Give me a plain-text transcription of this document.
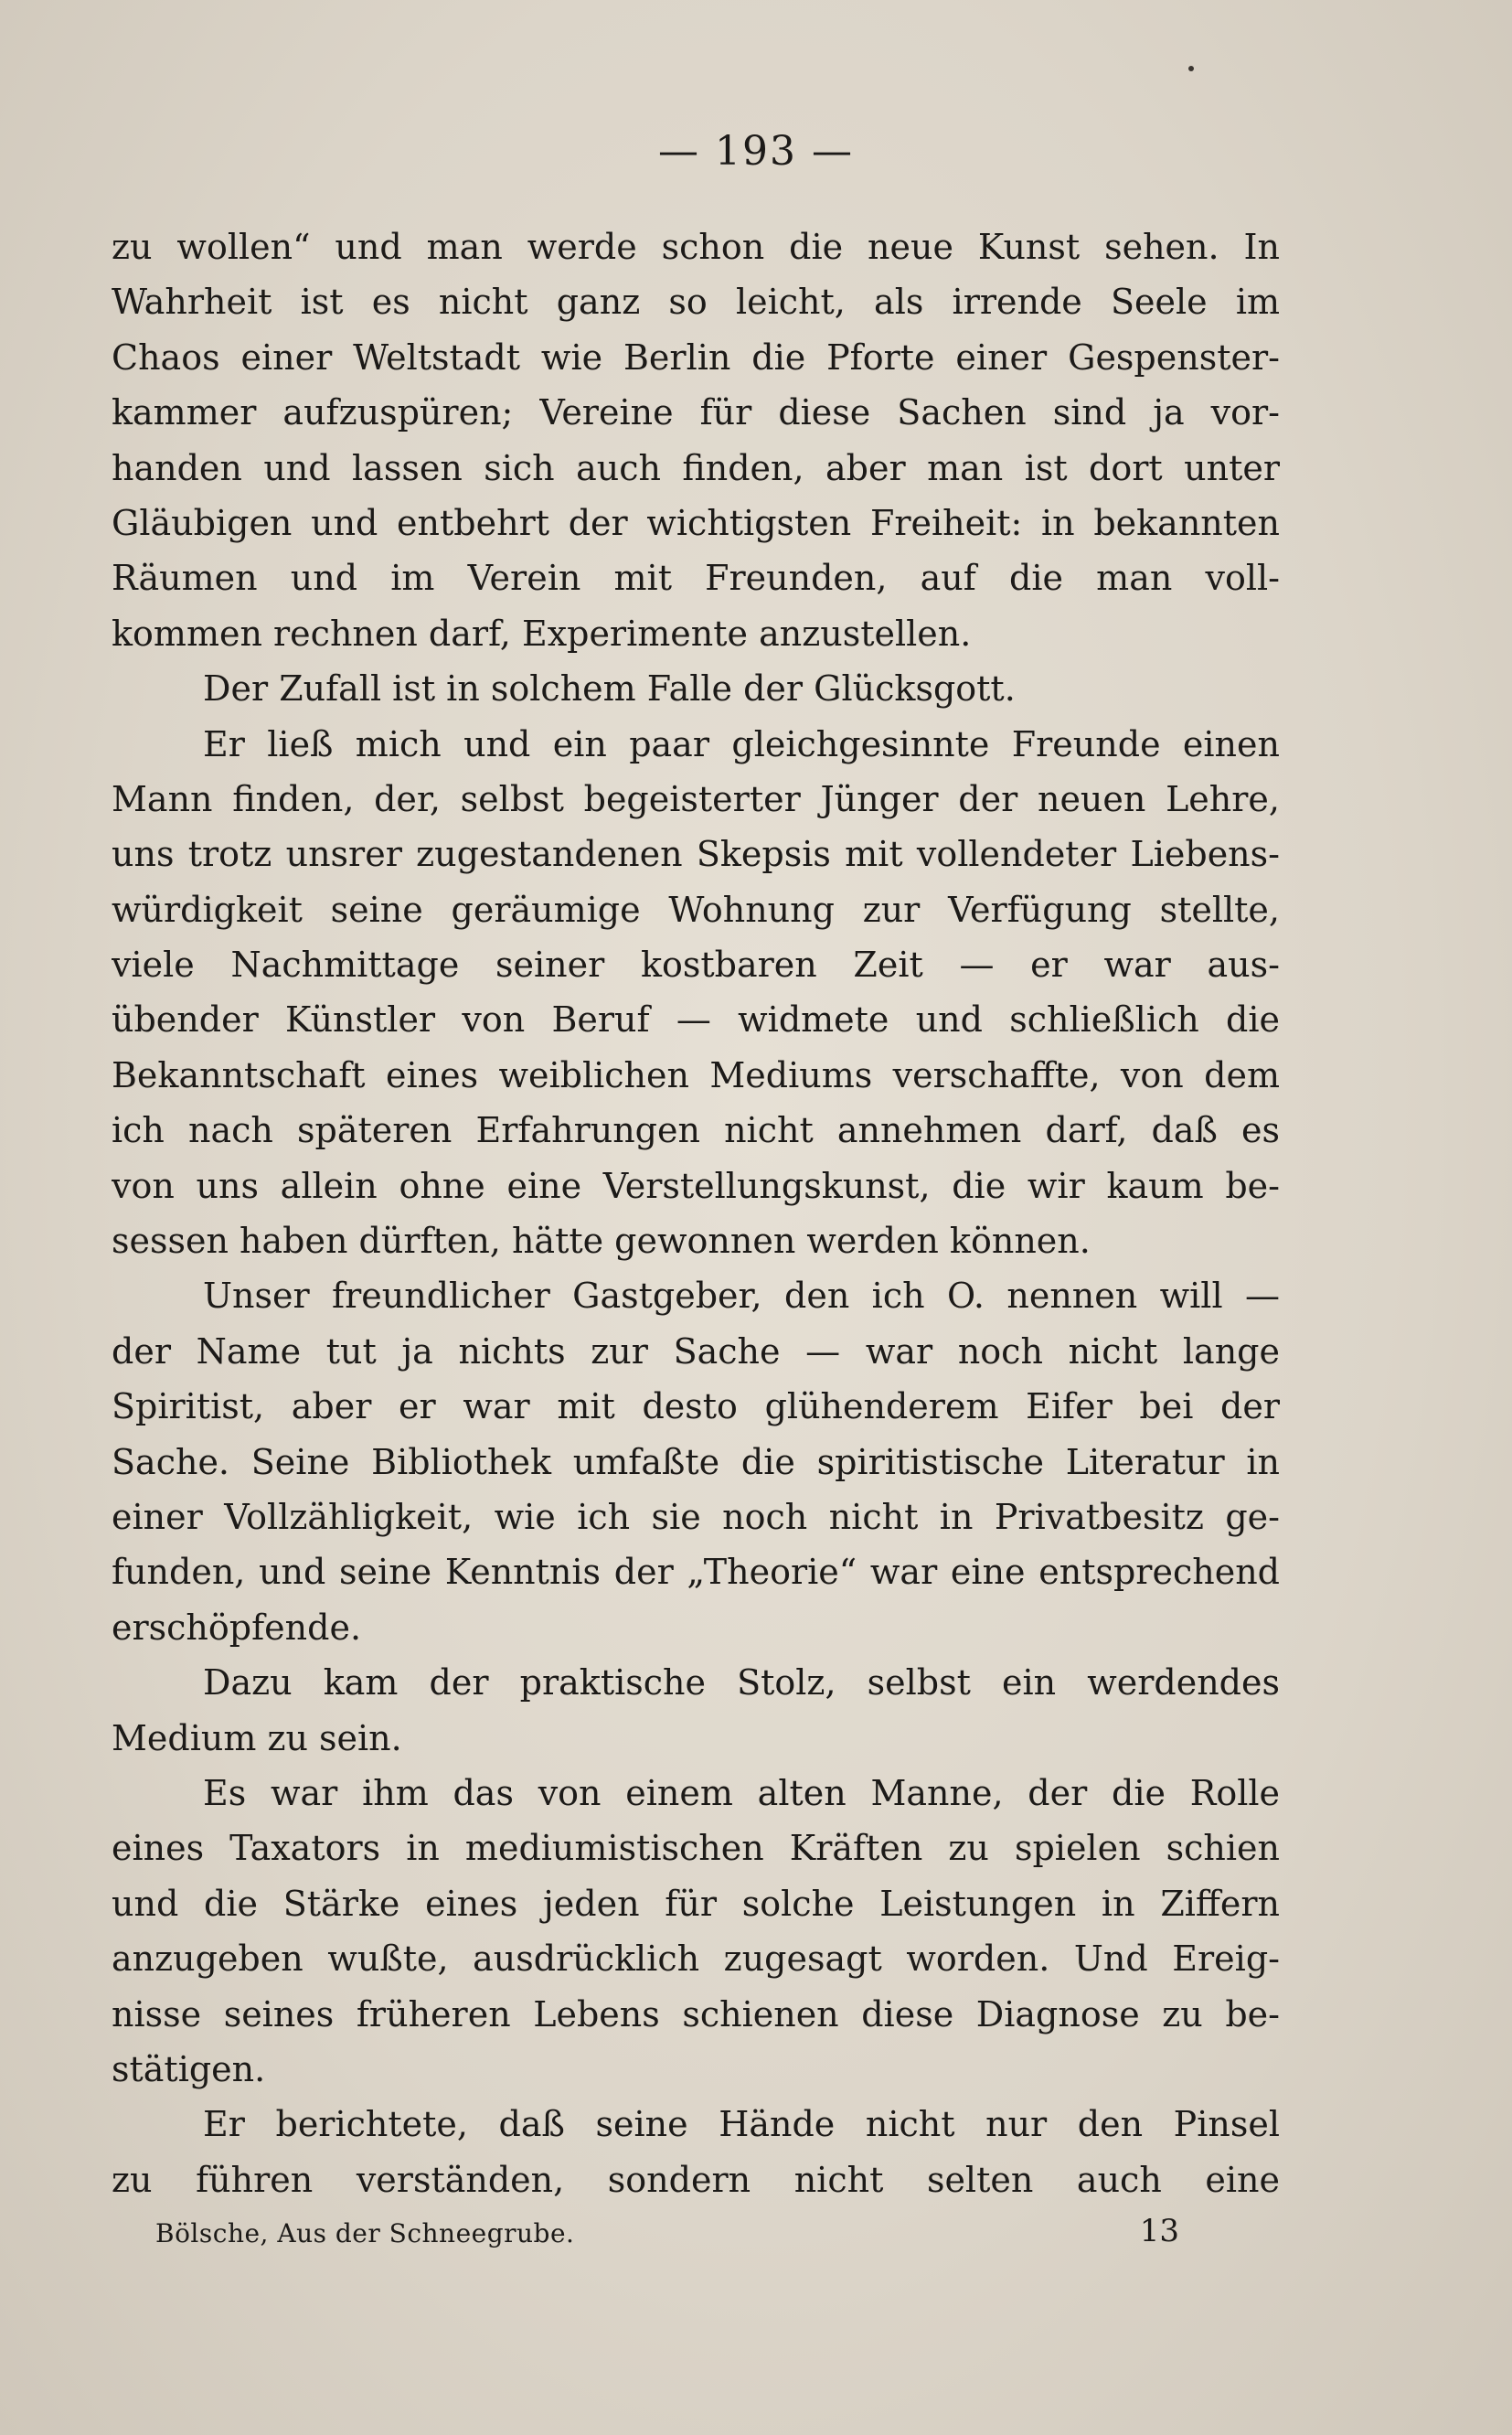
— 193 —
zu wollen“ und man werde schon die neue Kunst sehen. In
Wahrheit ist es nicht ganz so leicht, als irrende Seele im
Chaos einer Weltstadt wie Berlin die Pforte einer Gespenster-
kammer aufzuspüren; Vereine für diese Sachen sind ja vor-
handen und lassen sich auch finden, aber man ist dort unter
Gläubigen und entbehrt der wichtigsten Freiheit: in bekannten
Räumen und im Verein mit Freunden, auf die man voll-
kommen rechnen darf, Experimente anzustellen.
Der Zufall ist in solchem Falle der Glücksgott.
Er ließ mich und ein paar gleichgesinnte Freunde einen
Mann finden, der, selbst begeisterter Jünger der neuen Lehre,
uns trotz unsrer zugestandenen Skepsis mit vollendeter Liebens-
würdigkeit seine geräumige Wohnung zur Verfügung stellte,
viele Nachmittage seiner kostbaren Zeit — er war aus-
übender Künstler von Beruf — widmete und schließlich die
Bekanntschaft eines weiblichen Mediums verschaffte, von dem
ich nach späteren Erfahrungen nicht annehmen darf, daß es
von uns allein ohne eine Verstellungskunst, die wir kaum be-
sessen haben dürften, hätte gewonnen werden können.
Unser freundlicher Gastgeber, den ich O. nennen will —
der Name tut ja nichts zur Sache — war noch nicht lange
Spiritist, aber er war mit desto glühenderem Eifer bei der
Sache. Seine Bibliothek umfaßte die spiritistische Literatur in
einer Vollzähligkeit, wie ich sie noch nicht in Privatbesitz ge-
funden, und seine Kenntnis der „Theorie“ war eine entsprechend
erschöpfende.
Dazu kam der praktische Stolz, selbst ein werdendes
Medium zu sein.
Es war ihm das von einem alten Manne, der die Rolle
eines Taxators in mediumistischen Kräften zu spielen schien
und die Stärke eines jeden für solche Leistungen in Ziffern
anzugeben wußte, ausdrücklich zugesagt worden. Und Ereig-
nisse seines früheren Lebens schienen diese Diagnose zu be-
stätigen.
Er berichtete, daß seine Hände nicht nur den Pinsel
zu führen verständen, sondern nicht selten auch eine
Bölsche, Aus der Schneegrube.	13
